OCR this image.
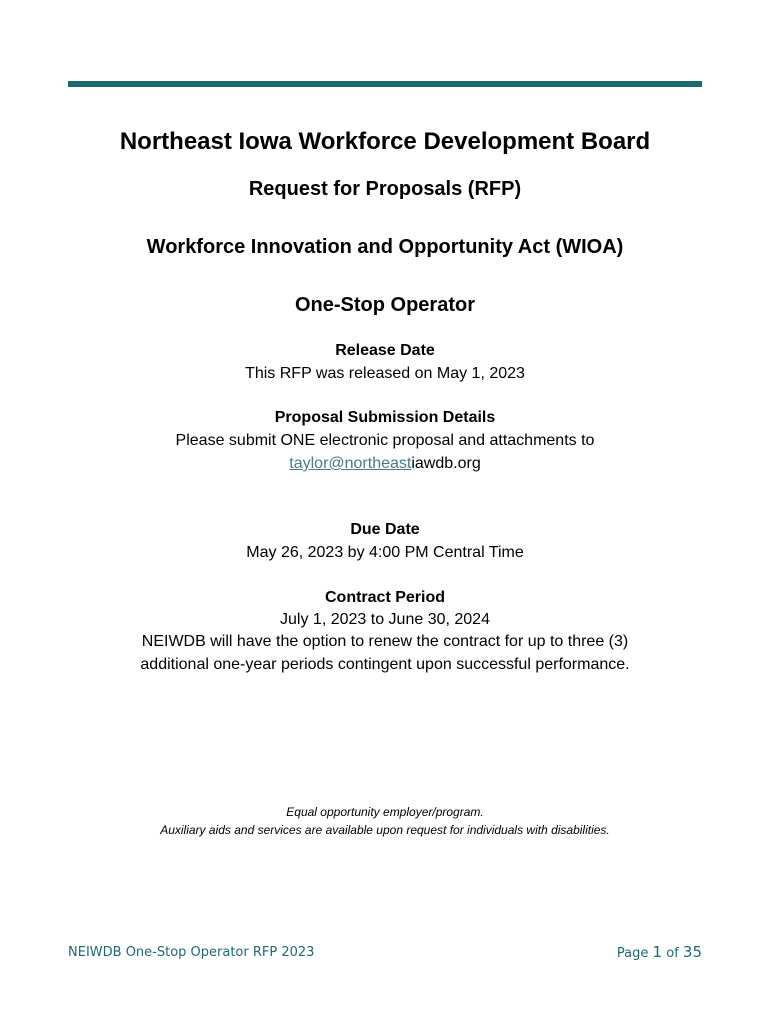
Northeast Iowa Workforce Development Board
Request for Proposals (RFP)
Workforce Innovation and Opportunity Act (WIOA)
One-Stop Operator
Release Date
This RFP was released on May 1, 2023
Proposal Submission Details
Please submit ONE electronic proposal and attachments to
taylor@northeastiawdb.org
Due Date
May 26, 2023 by 4:00 PM Central Time
Contract Period
July 1, 2023 to June 30, 2024
NEIWDB will have the option to renew the contract for up to three (3)
additional one-year periods contingent upon successful performance.
Equal opportunity employer/program.
Auxiliary aids and services are available upon request for individuals with disabilities.
NEIWDB One-Stop Operator RFP 2023	Page 1 of 35
